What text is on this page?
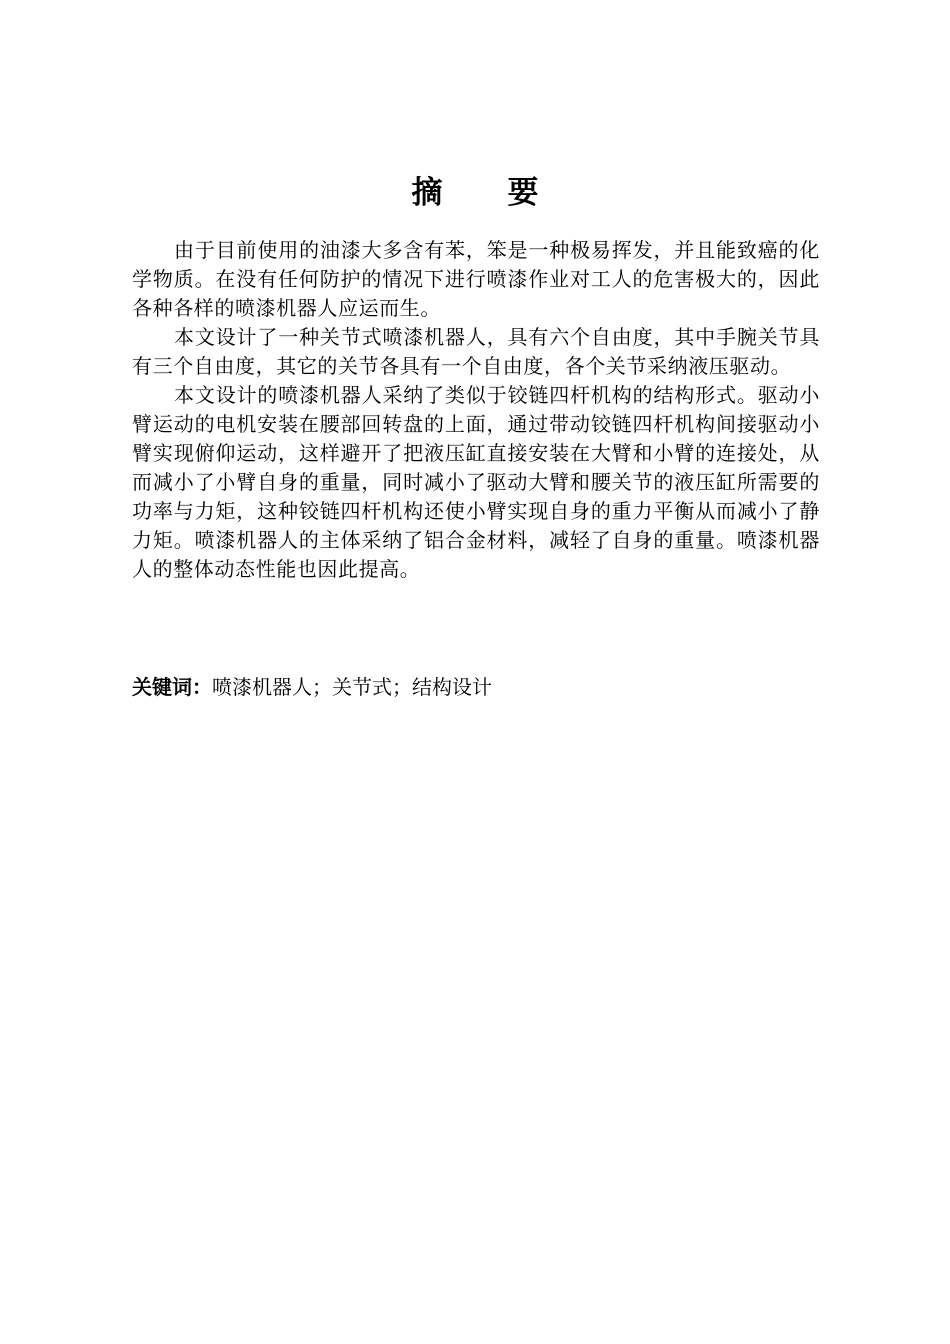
摘要

由于目前使用的油漆大多含有苯，笨是一种极易挥发，并且能致癌的化学物质。在没有任何防护的情况下进行喷漆作业对工人的危害极大的，因此各种各样的喷漆机器人应运而生。

本文设计了一种关节式喷漆机器人，具有六个自由度，其中手腕关节具有三个自由度，其它的关节各具有一个自由度，各个关节采纳液压驱动。

本文设计的喷漆机器人采纳了类似于铰链四杆机构的结构形式。驱动小臂运动的电机安装在腰部回转盘的上面，通过带动铰链四杆机构间接驱动小臂实现俯仰运动，这样避开了把液压缸直接安装在大臂和小臂的连接处，从而减小了小臂自身的重量，同时减小了驱动大臂和腰关节的液压缸所需要的功率与力矩，这种铰链四杆机构还使小臂实现自身的重力平衡从而减小了静力矩。喷漆机器人的主体采纳了铝合金材料，减轻了自身的重量。喷漆机器人的整体动态性能也因此提高。

关键词：喷漆机器人；关节式；结构设计
